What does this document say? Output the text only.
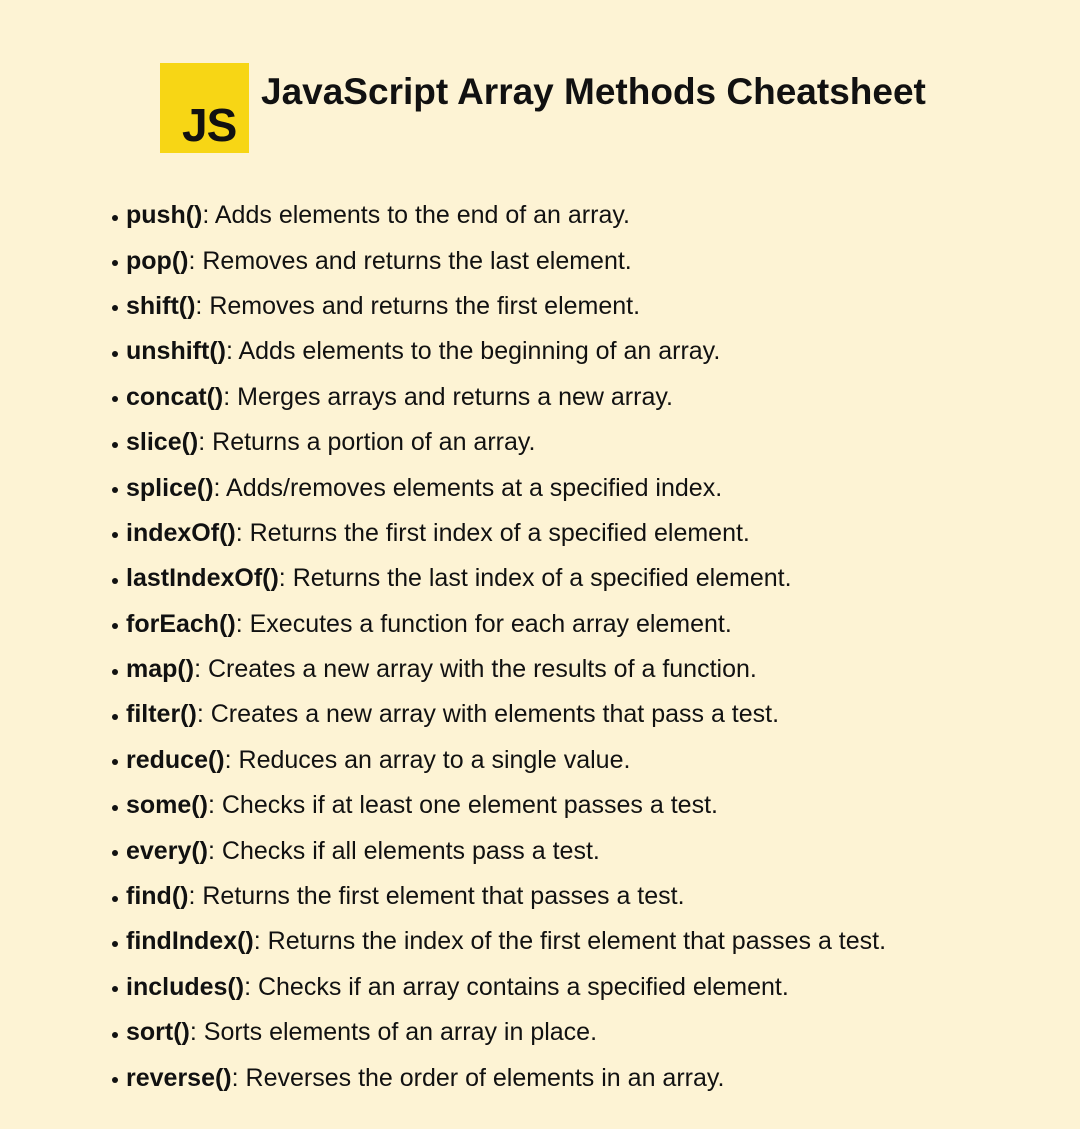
JS
JavaScript Array Methods Cheatsheet
push() : Adds elements to the end of an array.
pop() : Removes and returns the last element.
shift() : Removes and returns the first element.
unshift() : Adds elements to the beginning of an array.
concat() : Merges arrays and returns a new array.
slice() : Returns a portion of an array.
splice() : Adds/removes elements at a specified index.
indexOf() : Returns the first index of a specified element.
lastIndexOf() : Returns the last index of a specified element.
forEach() : Executes a function for each array element.
map() : Creates a new array with the results of a function.
filter() : Creates a new array with elements that pass a test.
reduce() : Reduces an array to a single value.
some() : Checks if at least one element passes a test.
every() : Checks if all elements pass a test.
find() : Returns the first element that passes a test.
findIndex() : Returns the index of the first element that passes a test.
includes() : Checks if an array contains a specified element.
sort() : Sorts elements of an array in place.
reverse() : Reverses the order of elements in an array.
